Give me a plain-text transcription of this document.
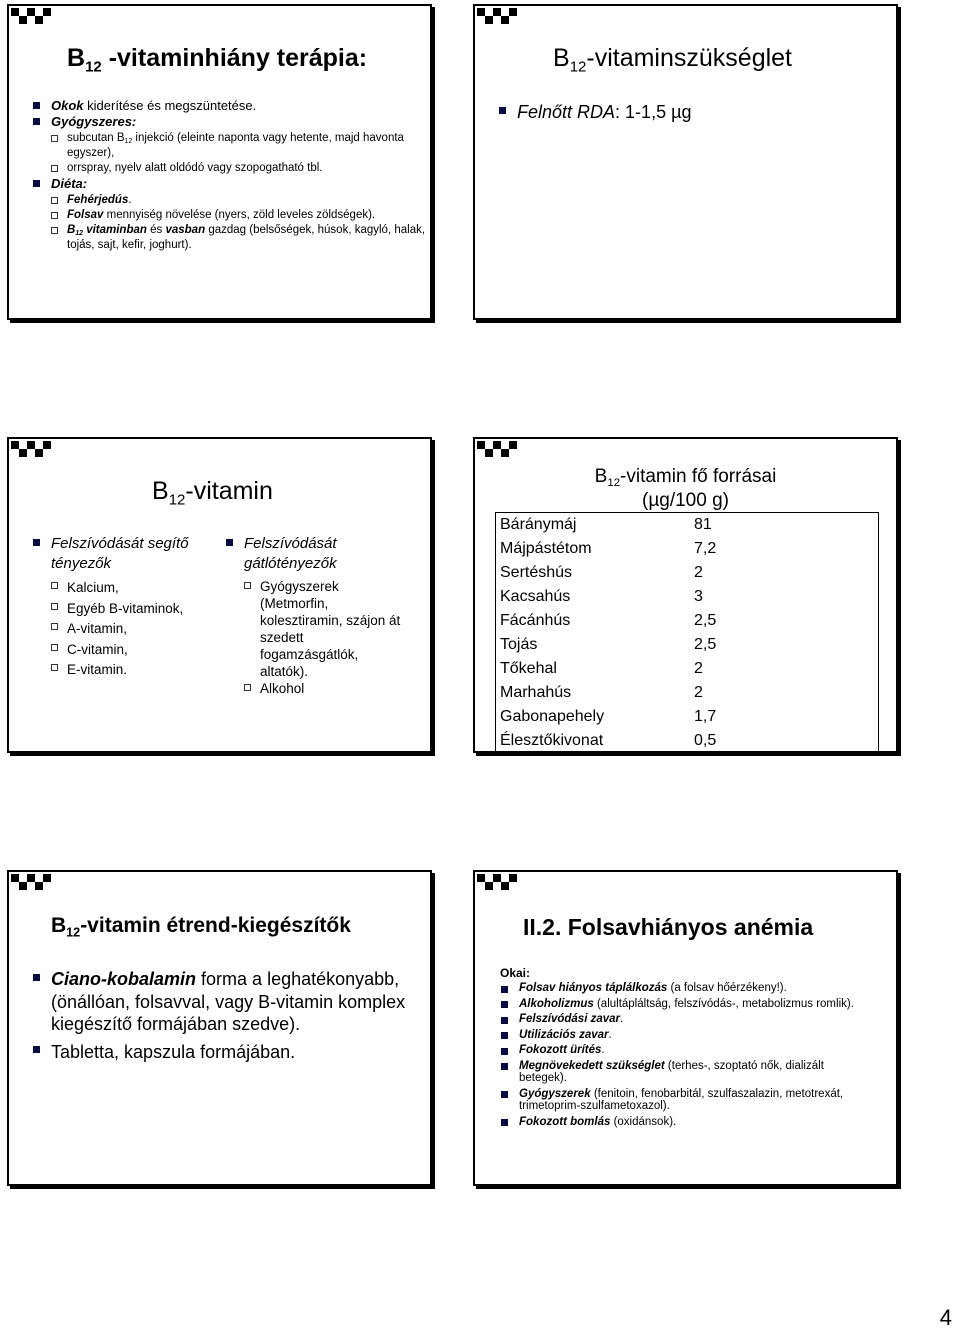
$B_{12}$ -vitaminhiány terápia:
Okok kiderítése és megszüntetése.
Gyógyszeres:
subcutan $B_{12}$ injekció (eleinte naponta vagy hetente, majd havonta egyszer),
orrspray, nyelv alatt oldódó vagy szopogatható tbl.
Diéta:
Fehérjedús.
Folsav mennyiség növelése (nyers, zöld leveles zöldségek).
$B_{12}$ vitaminban és vasban gazdag (belsőségek, húsok, kagyló, halak, tojás, sajt, kefir, joghurt).
$B_{12}$-vitaminszükséglet
Felnőtt RDA: 1-1,5 µg
$B_{12}$-vitamin
Felszívódását segítő tényezők
Kalcium,
Egyéb B-vitaminok,
A-vitamin,
C-vitamin,
E-vitamin.
Felszívódását gátlótényezők
Gyógyszerek (Metmorfin, kolesztiramin, szájon át szedett fogamzásgátlók, altatók).
Alkohol
$B_{12}$-vitamin fő forrásai
(µg/100 g)
Báránymáj	81
Májpástétom	7,2
Sertéshús	2
Kacsahús	3
Fácánhús	2,5
Tojás	2,5
Tőkehal	2
Marhahús	2
Gabonapehely	1,7
Élesztőkivonat	0,5
$B_{12}$-vitamin étrend-kiegészítők
Ciano-kobalamin forma a leghatékonyabb, (önállóan, folsavval, vagy B-vitamin komplex kiegészítő formájában szedve).
Tabletta, kapszula formájában.
II.2. Folsavhiányos anémia
Okai:
Folsav hiányos táplálkozás (a folsav hőérzékeny!).
Alkoholizmus (alultápláltság, felszívódás-, metabolizmus romlik).
Felszívódási zavar.
Utilizációs zavar.
Fokozott ürítés.
Megnövekedett szükséglet (terhes-, szoptató nők, dializált betegek).
Gyógyszerek (fenitoin, fenobarbitál, szulfaszalazin, metotrexát, trimetoprim-szulfametoxazol).
Fokozott bomlás (oxidánsok).
4
